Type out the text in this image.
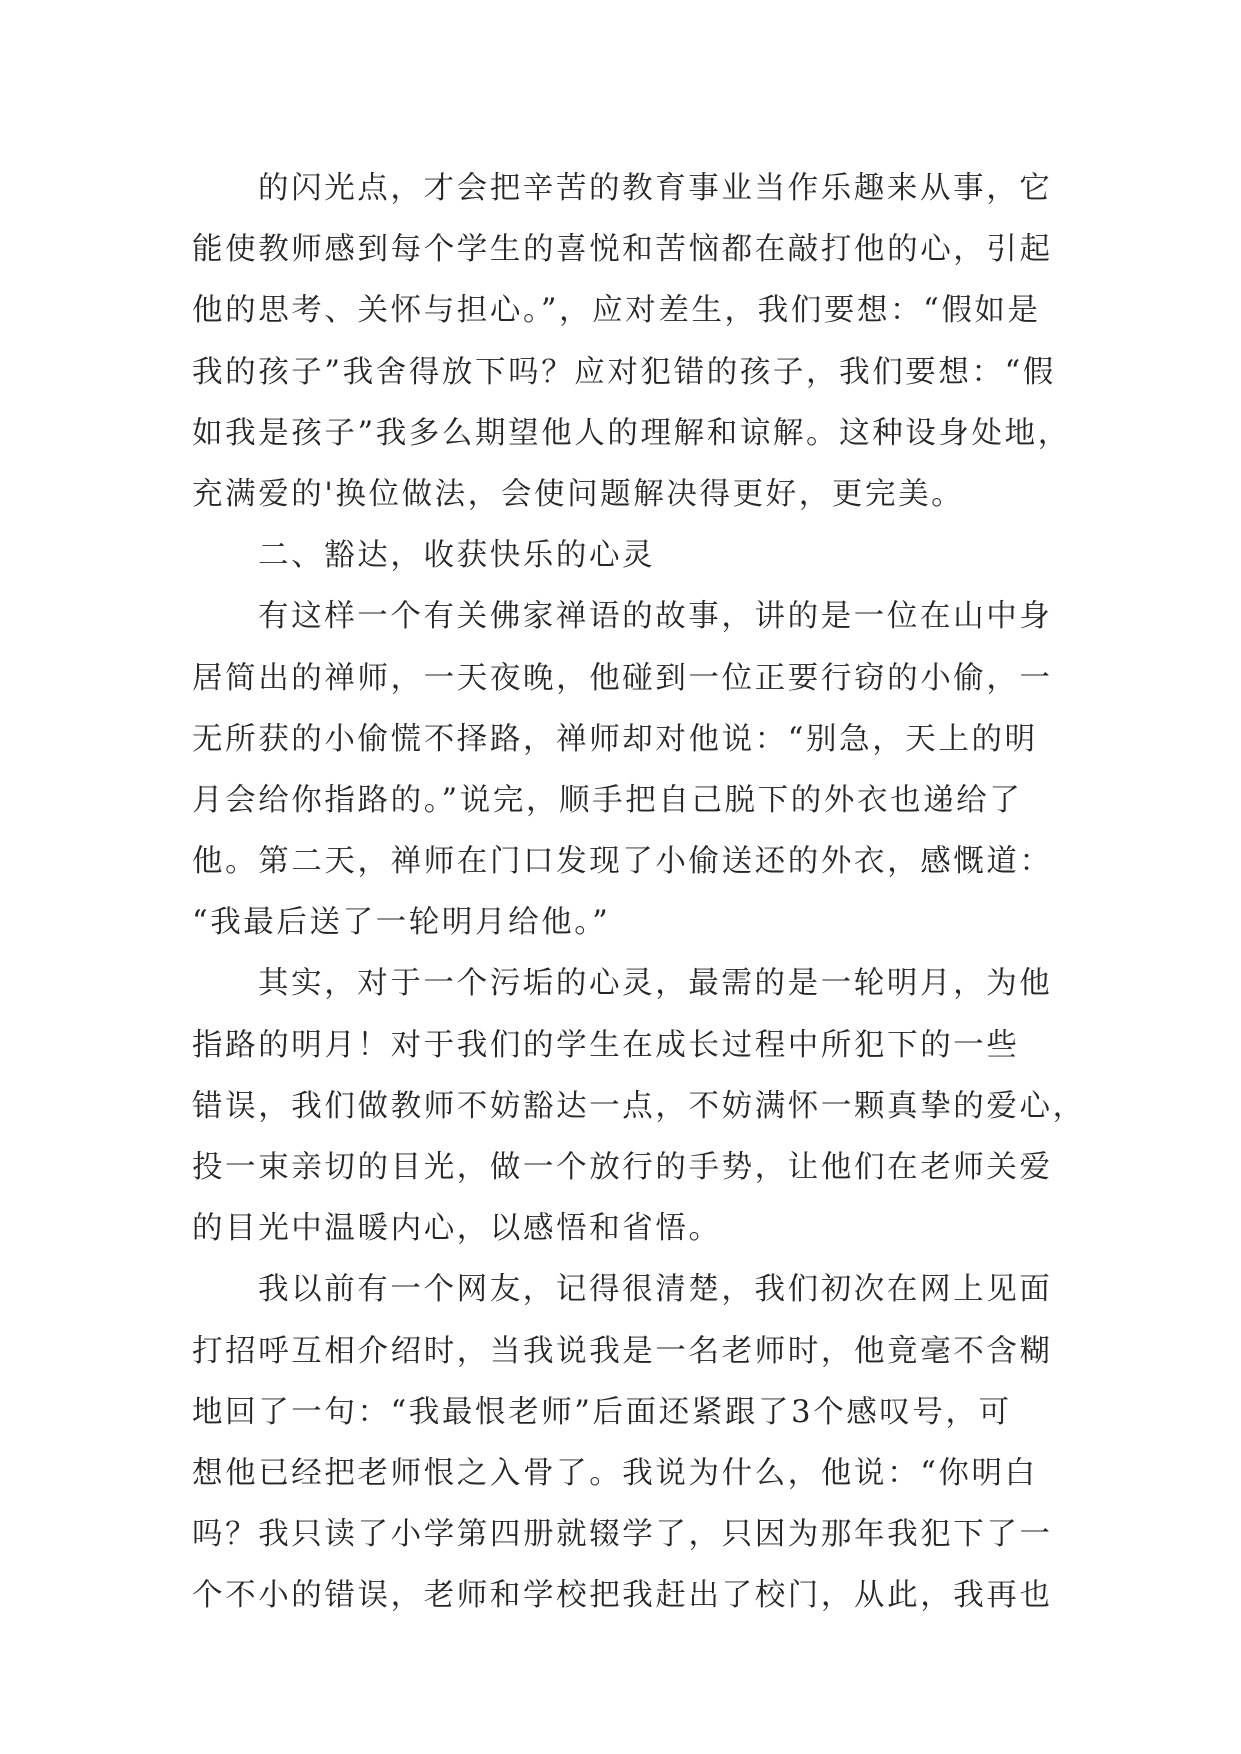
的闪光点，才会把辛苦的教育事业当作乐趣来从事，它
能使教师感到每个学生的喜悦和苦恼都在敲打他的心，引起
他的思考、关怀与担心。”，应对差生，我们要想：“假如是
我的孩子”我舍得放下吗？应对犯错的孩子，我们要想：“假
如我是孩子”我多么期望他人的理解和谅解。这种设身处地，
充满爱的'换位做法，会使问题解决得更好，更完美。
二、豁达，收获快乐的心灵
有这样一个有关佛家禅语的故事，讲的是一位在山中身
居简出的禅师，一天夜晚，他碰到一位正要行窃的小偷，一
无所获的小偷慌不择路，禅师却对他说：“别急，天上的明
月会给你指路的。”说完，顺手把自己脱下的外衣也递给了
他。第二天，禅师在门口发现了小偷送还的外衣，感慨道：
“我最后送了一轮明月给他。”
其实，对于一个污垢的心灵，最需的是一轮明月，为他
指路的明月！对于我们的学生在成长过程中所犯下的一些
错误，我们做教师不妨豁达一点，不妨满怀一颗真挚的爱心，
投一束亲切的目光，做一个放行的手势，让他们在老师关爱
的目光中温暖内心，以感悟和省悟。
我以前有一个网友，记得很清楚，我们初次在网上见面
打招呼互相介绍时，当我说我是一名老师时，他竟毫不含糊
地回了一句：“我最恨老师”后面还紧跟了3个感叹号，可
想他已经把老师恨之入骨了。我说为什么，他说：“你明白
吗？我只读了小学第四册就辍学了，只因为那年我犯下了一
个不小的错误，老师和学校把我赶出了校门，从此，我再也
